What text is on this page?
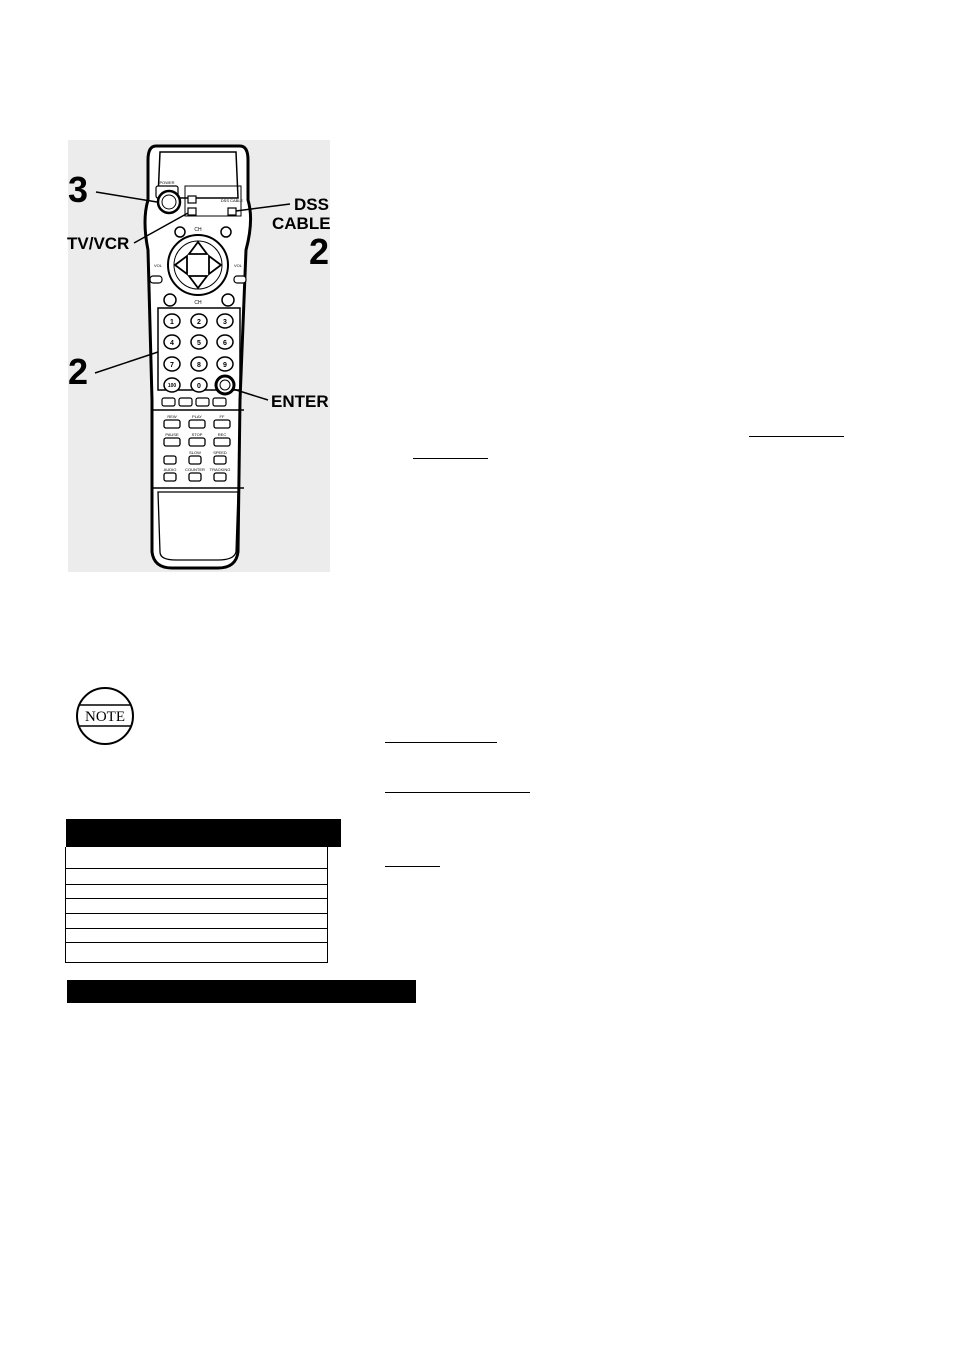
POWER
DSS CABLE
CH
CH
VOL	VOL
1	2	3
4	5	6
7	8	9
100	0
REW	PLAY	FF
PAUSE	STOP	REC
SLOW	SPEED
AUDIO COUNTER TRACKING
3
TV/VCR
2
DSS
CABLE
2
ENTER
NOTE
